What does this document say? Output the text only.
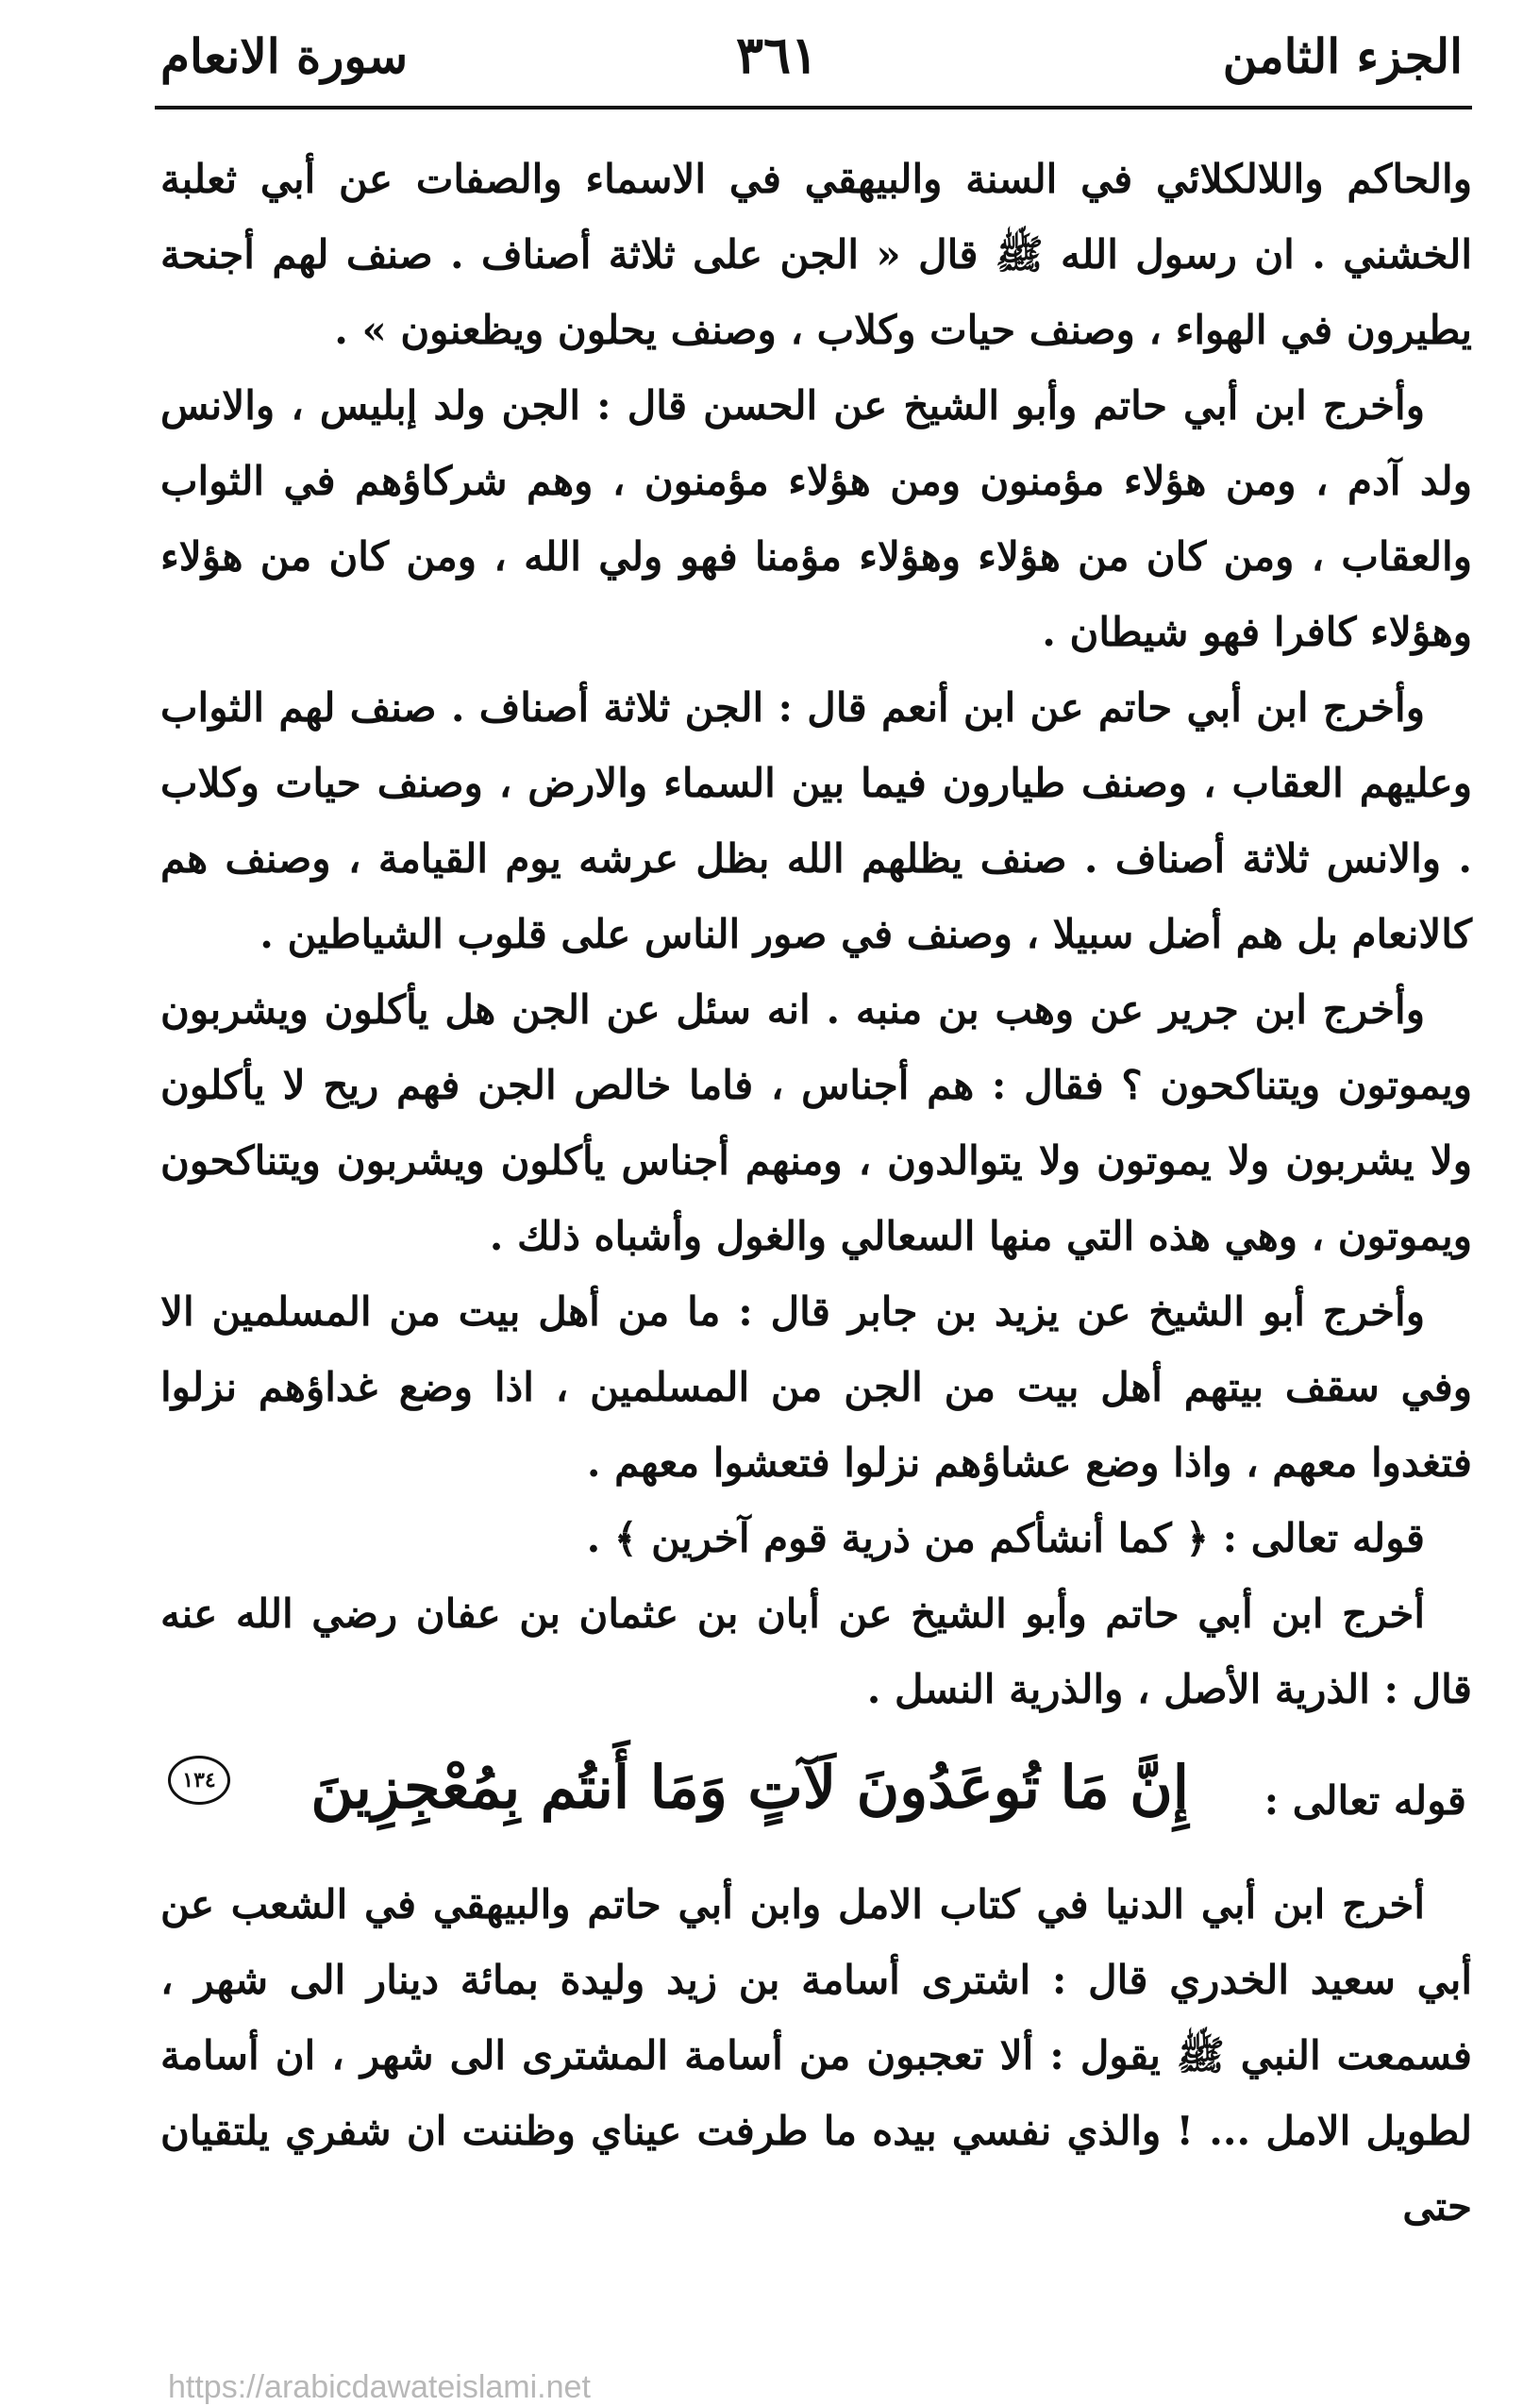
الجزء الثامن
٣٦١
سورة الانعام

والحاكم واللالكلائي في السنة والبيهقي في الاسماء والصفات عن أبي ثعلبة الخشني . ان رسول الله ﷺ قال « الجن على ثلاثة أصناف . صنف لهم أجنحة يطيرون في الهواء ، وصنف حيات وكلاب ، وصنف يحلون ويظعنون » .

وأخرج ابن أبي حاتم وأبو الشيخ عن الحسن قال : الجن ولد إبليس ، والانس ولد آدم ، ومن هؤلاء مؤمنون ومن هؤلاء مؤمنون ، وهم شركاؤهم في الثواب والعقاب ، ومن كان من هؤلاء وهؤلاء مؤمنا فهو ولي الله ، ومن كان من هؤلاء وهؤلاء كافرا فهو شيطان .

وأخرج ابن أبي حاتم عن ابن أنعم قال : الجن ثلاثة أصناف . صنف لهم الثواب وعليهم العقاب ، وصنف طيارون فيما بين السماء والارض ، وصنف حيات وكلاب . والانس ثلاثة أصناف . صنف يظلهم الله بظل عرشه يوم القيامة ، وصنف هم كالانعام بل هم أضل سبيلا ، وصنف في صور الناس على قلوب الشياطين .

وأخرج ابن جرير عن وهب بن منبه . انه سئل عن الجن هل يأكلون ويشربون ويموتون ويتناكحون ؟ فقال : هم أجناس ، فاما خالص الجن فهم ريح لا يأكلون ولا يشربون ولا يموتون ولا يتوالدون ، ومنهم أجناس يأكلون ويشربون ويتناكحون ويموتون ، وهي هذه التي منها السعالي والغول وأشباه ذلك .

وأخرج أبو الشيخ عن يزيد بن جابر قال : ما من أهل بيت من المسلمين الا وفي سقف بيتهم أهل بيت من الجن من المسلمين ، اذا وضع غداؤهم نزلوا فتغدوا معهم ، واذا وضع عشاؤهم نزلوا فتعشوا معهم .

قوله تعالى : ﴿ كما أنشأكم من ذرية قوم آخرين ﴾ .

أخرج ابن أبي حاتم وأبو الشيخ عن أبان بن عثمان بن عفان رضي الله عنه قال : الذرية الأصل ، والذرية النسل .

قوله تعالى :
إِنَّ مَا تُوعَدُونَ لَآتٍ وَمَا أَنتُم بِمُعْجِزِينَ
١٣٤

أخرج ابن أبي الدنيا في كتاب الامل وابن أبي حاتم والبيهقي في الشعب عن أبي سعيد الخدري قال : اشترى أسامة بن زيد وليدة بمائة دينار الى شهر ، فسمعت النبي ﷺ يقول : ألا تعجبون من أسامة المشترى الى شهر ، ان أسامة لطويل الامل ... ! والذي نفسي بيده ما طرفت عيناي وظننت ان شفري يلتقيان حتى

https://arabicdawateislami.net
